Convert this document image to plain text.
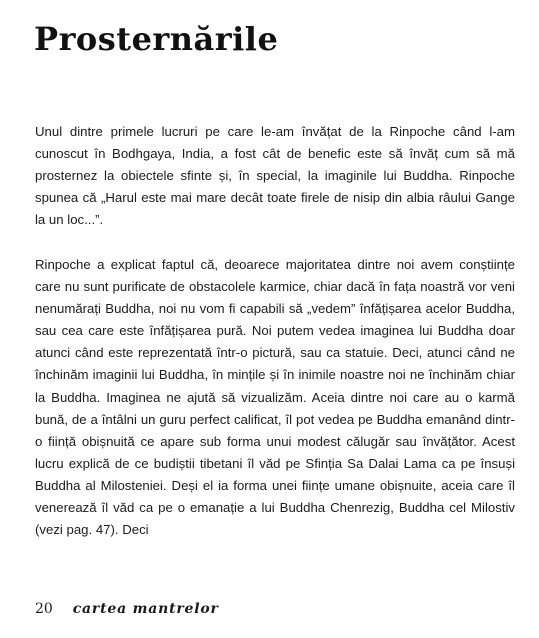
Prosternările

Unul dintre primele lucruri pe care le-am învățat de la Rinpoche când l-am cunoscut în Bodhgaya, India, a fost cât de benefic este să învăț cum să mă prosternez la obiectele sfinte și, în special, la imaginile lui Buddha. Rinpoche spunea că „Harul este mai mare decât toate firele de nisip din albia râului Gange la un loc...”.

Rinpoche a explicat faptul că, deoarece majoritatea dintre noi avem conștiințe care nu sunt purificate de obstacolele karmice, chiar dacă în fața noastră vor veni nenumărați Buddha, noi nu vom fi capabili să „vedem” înfățișarea acelor Buddha, sau cea care este înfățișarea pură. Noi putem vedea imaginea lui Buddha doar atunci când este reprezentată într-o pictură, sau ca statuie. Deci, atunci când ne închinăm imaginii lui Buddha, în mințile și în inimile noastre noi ne închinăm chiar la Buddha. Imaginea ne ajută să vizualizăm. Aceia dintre noi care au o karmă bună, de a întâlni un guru perfect calificat, îl pot vedea pe Buddha emanând dintr-o ființă obișnuită ce apare sub forma unui modest călugăr sau învățător. Acest lucru explică de ce budiștii tibetani îl văd pe Sfinția Sa Dalai Lama ca pe însuși Buddha al Milosteniei. Deși el ia forma unei ființe umane obișnuite, aceia care îl venerează îl văd ca pe o emanație a lui Buddha Chenrezig, Buddha cel Milostiv (vezi pag. 47). Deci

20 cartea mantrelor
